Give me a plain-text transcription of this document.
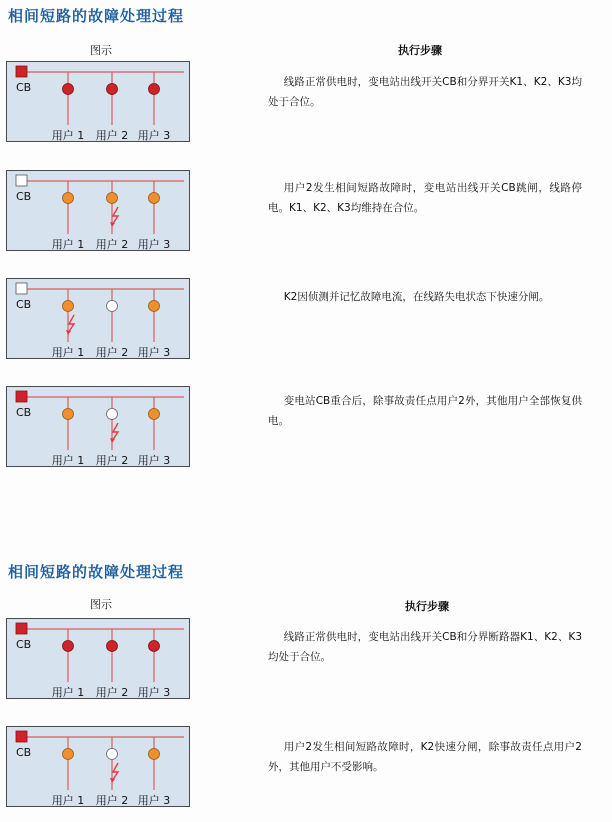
相间短路的故障处理过程
图示	执行步骤
CB
用户 1 用户 2 用户 3
线路正常供电时，变电站出线开关CB和分界开关K1、K2、K3均处于合位。
CB
用户 1 用户 2 用户 3
用户2发生相间短路故障时，变电站出线开关CB跳闸，线路停电。K1、K2、K3均维持在合位。
CB
用户 1 用户 2 用户 3
K2因侦测并记忆故障电流，在线路失电状态下快速分闸。
CB
用户 1 用户 2 用户 3
变电站CB重合后，除事故责任点用户2外，其他用户全部恢复供电。
相间短路的故障处理过程
图示	执行步骤
CB
用户 1 用户 2 用户 3
线路正常供电时，变电站出线开关CB和分界断路器K1、K2、K3均处于合位。
CB
用户 1 用户 2 用户 3
用户2发生相间短路故障时，K2快速分闸，除事故责任点用户2外，其他用户不受影响。
